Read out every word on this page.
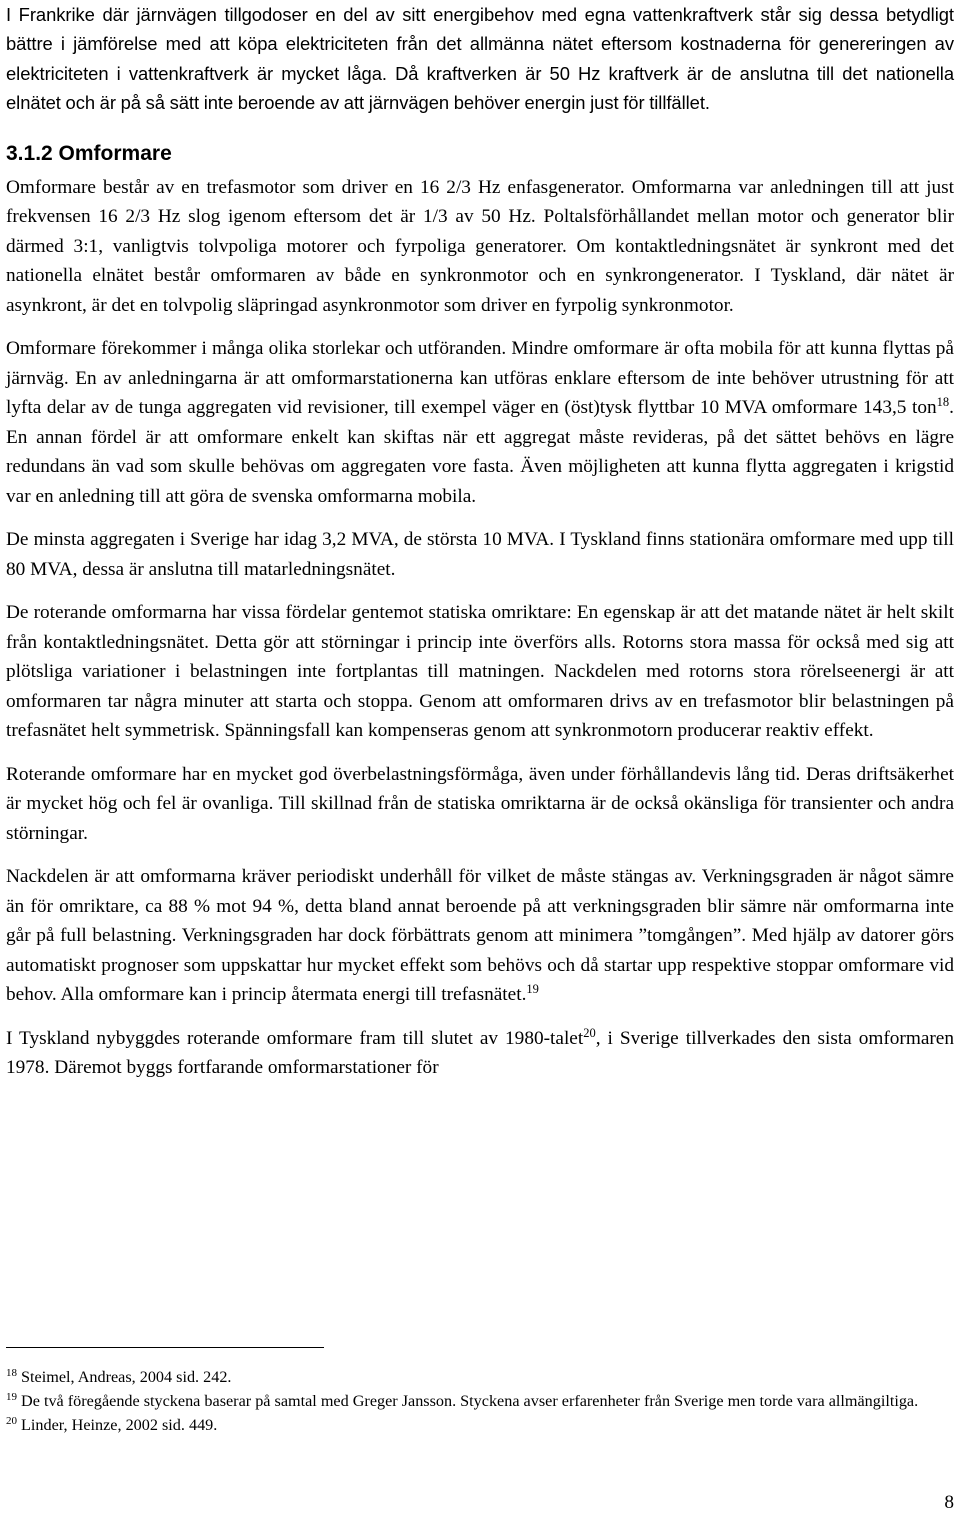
I Frankrike där järnvägen tillgodoser en del av sitt energibehov med egna vattenkraftverk står sig dessa betydligt bättre i jämförelse med att köpa elektriciteten från det allmänna nätet eftersom kostnaderna för genereringen av elektriciteten i vattenkraftverk är mycket låga. Då kraftverken är 50 Hz kraftverk är de anslutna till det nationella elnätet och är på så sätt inte beroende av att järnvägen behöver energin just för tillfället.

3.1.2 Omformare

Omformare består av en trefasmotor som driver en 16 2/3 Hz enfasgenerator. Omformarna var anledningen till att just frekvensen 16 2/3 Hz slog igenom eftersom det är 1/3 av 50 Hz. Poltalsförhållandet mellan motor och generator blir därmed 3:1, vanligtvis tolvpoliga motorer och fyrpoliga generatorer. Om kontaktledningsnätet är synkront med det nationella elnätet består omformaren av både en synkronmotor och en synkrongenerator. I Tyskland, där nätet är asynkront, är det en tolvpolig släpringad asynkronmotor som driver en fyrpolig synkronmotor.

Omformare förekommer i många olika storlekar och utföranden. Mindre omformare är ofta mobila för att kunna flyttas på järnväg. En av anledningarna är att omformarstationerna kan utföras enklare eftersom de inte behöver utrustning för att lyfta delar av de tunga aggregaten vid revisioner, till exempel väger en (öst)tysk flyttbar 10 MVA omformare 143,5 ton$^{18}$. En annan fördel är att omformare enkelt kan skiftas när ett aggregat måste revideras, på det sättet behövs en lägre redundans än vad som skulle behövas om aggregaten vore fasta. Även möjligheten att kunna flytta aggregaten i krigstid var en anledning till att göra de svenska omformarna mobila.

De minsta aggregaten i Sverige har idag 3,2 MVA, de största 10 MVA. I Tyskland finns stationära omformare med upp till 80 MVA, dessa är anslutna till matarledningsnätet.

De roterande omformarna har vissa fördelar gentemot statiska omriktare: En egenskap är att det matande nätet är helt skilt från kontaktledningsnätet. Detta gör att störningar i princip inte överförs alls. Rotorns stora massa för också med sig att plötsliga variationer i belastningen inte fortplantas till matningen. Nackdelen med rotorns stora rörelseenergi är att omformaren tar några minuter att starta och stoppa. Genom att omformaren drivs av en trefasmotor blir belastningen på trefasnätet helt symmetrisk. Spänningsfall kan kompenseras genom att synkronmotorn producerar reaktiv effekt.

Roterande omformare har en mycket god överbelastningsförmåga, även under förhållandevis lång tid. Deras driftsäkerhet är mycket hög och fel är ovanliga. Till skillnad från de statiska omriktarna är de också okänsliga för transienter och andra störningar.

Nackdelen är att omformarna kräver periodiskt underhåll för vilket de måste stängas av. Verkningsgraden är något sämre än för omriktare, ca 88 % mot 94 %, detta bland annat beroende på att verkningsgraden blir sämre när omformarna inte går på full belastning. Verkningsgraden har dock förbättrats genom att minimera ”tomgången”. Med hjälp av datorer görs automatiskt prognoser som uppskattar hur mycket effekt som behövs och då startar upp respektive stoppar omformare vid behov. Alla omformare kan i princip återmata energi till trefasnätet.$^{19}$

I Tyskland nybyggdes roterande omformare fram till slutet av 1980-talet$^{20}$, i Sverige tillverkades den sista omformaren 1978. Däremot byggs fortfarande omformarstationer för

$^{18}$ Steimel, Andreas, 2004 sid. 242.

$^{19}$ De två föregående styckena baserar på samtal med Greger Jansson. Styckena avser erfarenheter från Sverige men torde vara allmängiltiga.

$^{20}$ Linder, Heinze, 2002 sid. 449.

8
